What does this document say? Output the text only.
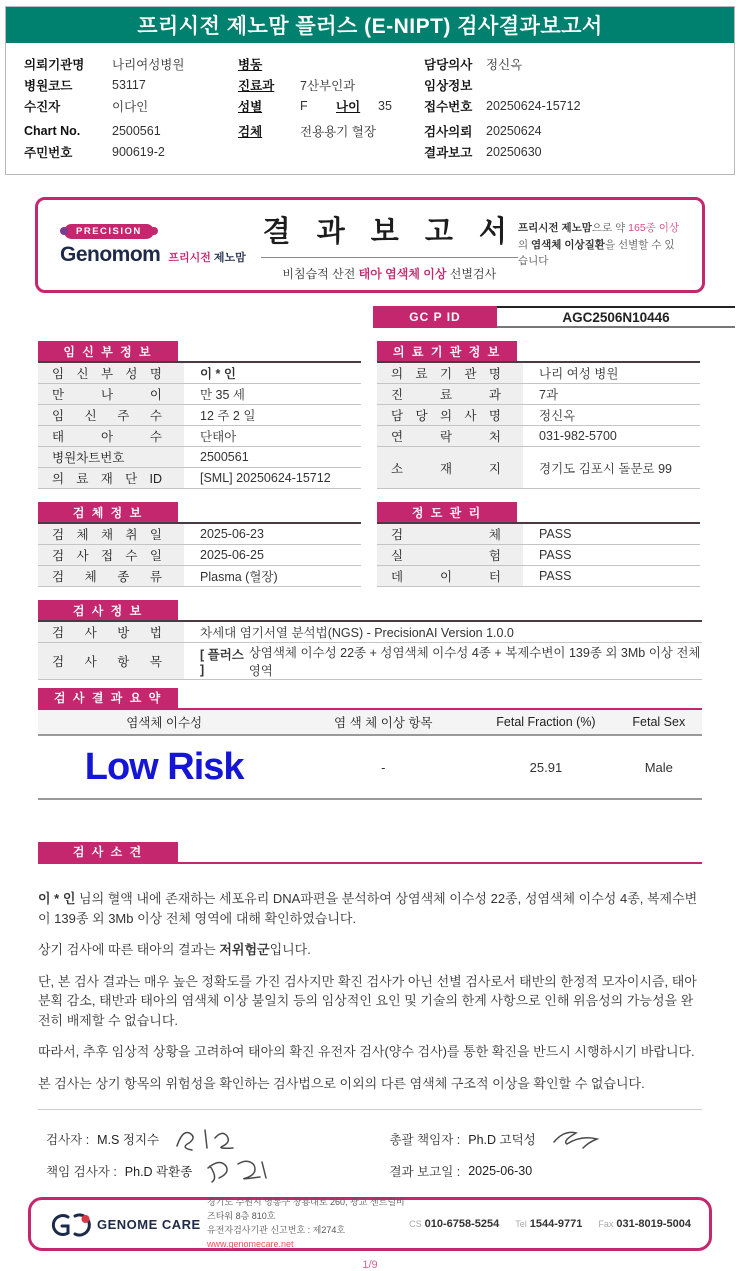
프리시전 제노맘 플러스 (E-NIPT) 검사결과보고서
의뢰기관명	나리여성병원
병원코드	53117
수진자	이다인
Chart No.	2500561
주민번호	900619-2
병동
진료과	7산부인과
성별	F	나이	35
검체	전용용기 혈장
담당의사	정신옥
임상정보
접수번호	20250624-15712
검사의뢰	20250624
결과보고	20250630
PRECISION
Genomom 프리시전 제노맘
결 과 보 고 서
비침습적 산전 태아 염색체 이상 선별검사
프리시전 제노맘으로 약 165종 이상의 염색체 이상질환을 선별할 수 있습니다
GC P ID	AGC2506N10446
임 신 부 정 보
임 신 부 성 명	이 * 인
만 나 이	만 35 세
임 신 주 수	12 주 2 일
태 아 수	단태아
병원차트번호	2500561
의 료 재 단 ID	[SML] 20250624-15712
의 료 기 관 정 보
의 료 기 관 명	나리 여성 병원
진 료 과	7과
담 당 의 사 명	정신옥
연 락 처	031-982-5700
소 재 지	경기도 김포시 돌문로 99
검 체 정 보
검 체 채 취 일	2025-06-23
검 사 접 수 일	2025-06-25
검 체 종 류	Plasma (혈장)
정 도 관 리
검 체	PASS
실 험	PASS
데 이 터	PASS
검 사 정 보
검 사 방 법	차세대 염기서열 분석법(NGS) - PrecisionAI Version 1.0.0
검 사 항 목	[ 플러스 ]
상염색체 이수성 22종 + 성염색체 이수성 4종 + 복제수변이 139종 외 3Mb 이상 전체 영역
검 사 결 과 요 약
염색체 이수성	염 색 체 이상 항목	Fetal Fraction (%)	Fetal Sex
Low Risk	-	25.91	Male
검 사 소 견

이 * 인 님의 혈액 내에 존재하는 세포유리 DNA파편을 분석하여 상염색체 이수성 22종, 성염색체 이수성 4종, 복제수변이 139종 외 3Mb 이상 전체 영역에 대해 확인하였습니다.

상기 검사에 따른 태아의 결과는 저위험군입니다.

단, 본 검사 결과는 매우 높은 정확도를 가진 검사지만 확진 검사가 아닌 선별 검사로서 태반의 한정적 모자이시즘, 태아 분획 감소, 태반과 태아의 염색체 이상 불일치 등의 임상적인 요인 및 기술의 한계 사항으로 인해 위음성의 가능성을 완전히 배제할 수 없습니다.

따라서, 추후 임상적 상황을 고려하여 태아의 확진 유전자 검사(양수 검사)를 통한 확진을 반드시 시행하시기 바랍니다.

본 검사는 상기 항목의 위험성을 확인하는 검사법으로 이외의 다른 염색체 구조적 이상을 확인할 수 없습니다.

검사자 : M.S 정지수
책임 검사자 : Ph.D 곽환종
총괄 책임자 : Ph.D 고덕성
결과 보고일 : 2025-06-30
GENOME CARE
경기도 수원시 영통구 창룡대로 260, 광교 센트럴비즈타워 8층 810호
유전자검사기관 신고번호 : 제274호
www.genomecare.net
CS 010-6758-5254 Tel 1544-9771 Fax 031-8019-5004
1/9
